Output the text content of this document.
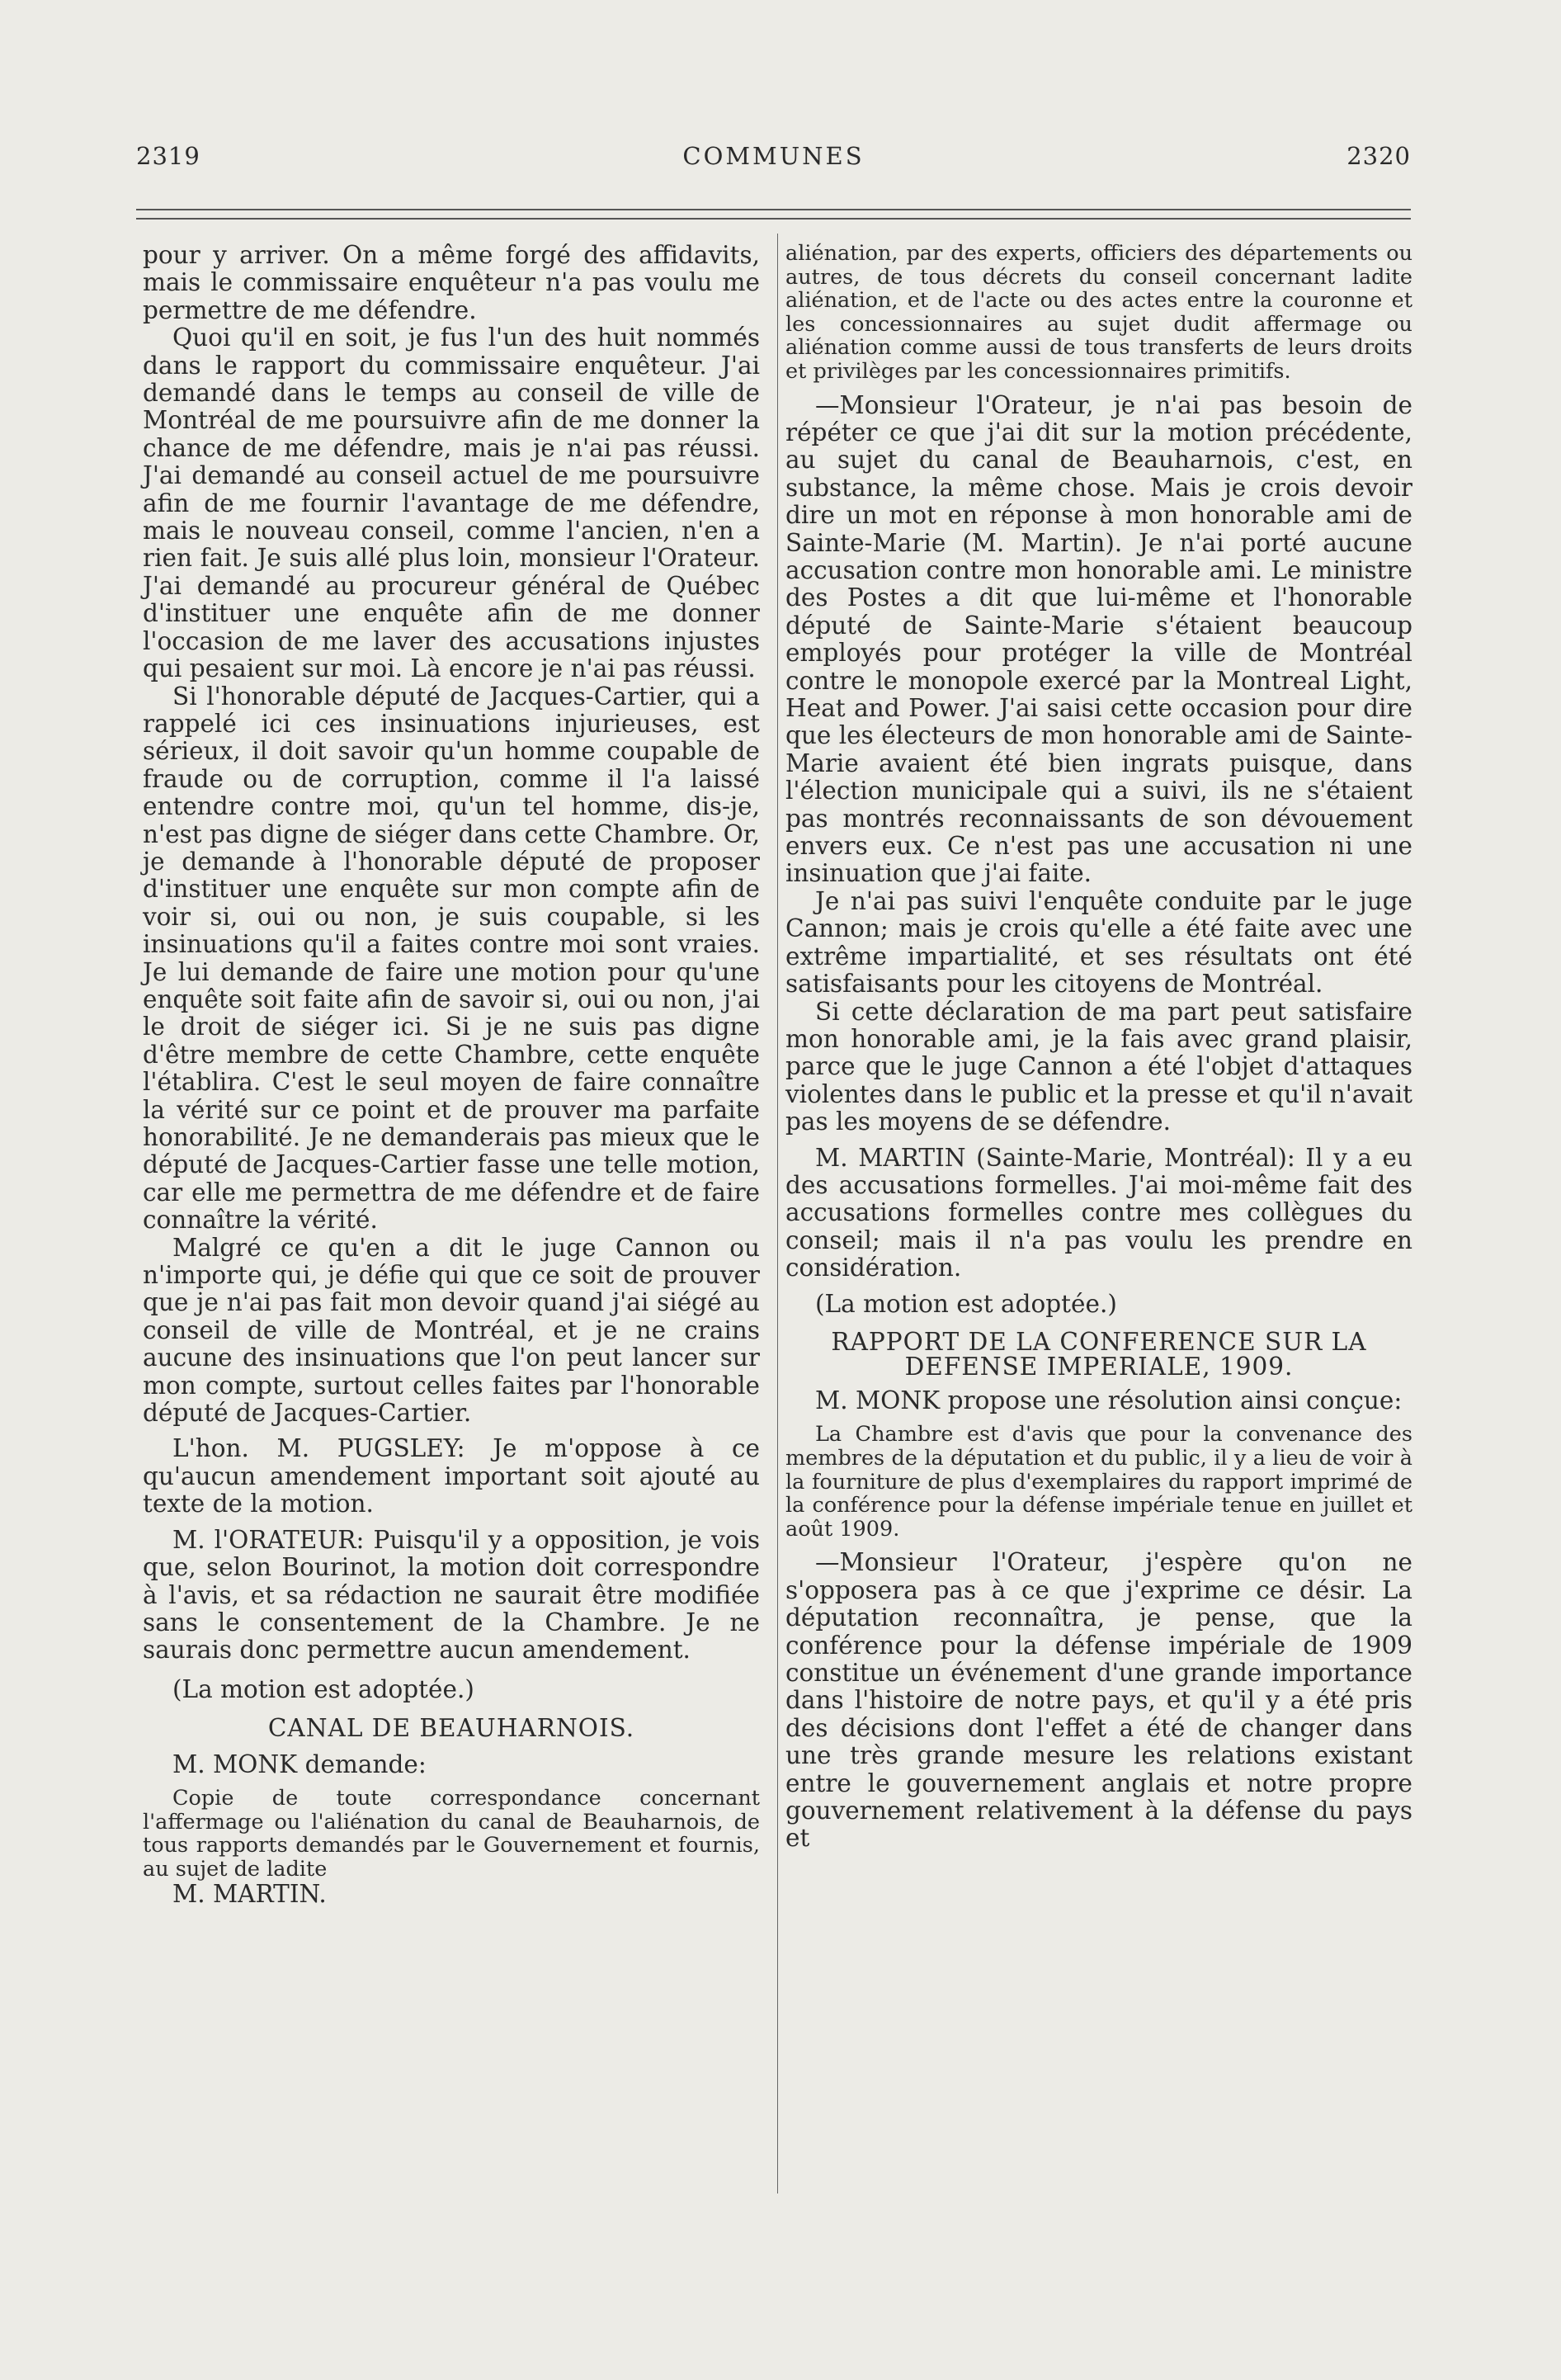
2319	COMMUNES	2320

pour y arriver. On a même forgé des affidavits, mais le commissaire enquêteur n'a pas voulu me permettre de me défendre.

Quoi qu'il en soit, je fus l'un des huit nommés dans le rapport du commissaire enquêteur. J'ai demandé dans le temps au conseil de ville de Montréal de me poursuivre afin de me donner la chance de me défendre, mais je n'ai pas réussi. J'ai demandé au conseil actuel de me poursuivre afin de me fournir l'avantage de me défendre, mais le nouveau conseil, comme l'ancien, n'en a rien fait. Je suis allé plus loin, monsieur l'Orateur. J'ai demandé au procureur général de Québec d'instituer une enquête afin de me donner l'occasion de me laver des accusations injustes qui pesaient sur moi. Là encore je n'ai pas réussi.

Si l'honorable député de Jacques-Cartier, qui a rappelé ici ces insinuations injurieuses, est sérieux, il doit savoir qu'un homme coupable de fraude ou de corruption, comme il l'a laissé entendre contre moi, qu'un tel homme, dis-je, n'est pas digne de siéger dans cette Chambre. Or, je demande à l'honorable député de proposer d'instituer une enquête sur mon compte afin de voir si, oui ou non, je suis coupable, si les insinuations qu'il a faites contre moi sont vraies. Je lui demande de faire une motion pour qu'une enquête soit faite afin de savoir si, oui ou non, j'ai le droit de siéger ici. Si je ne suis pas digne d'être membre de cette Chambre, cette enquête l'établira. C'est le seul moyen de faire connaître la vérité sur ce point et de prouver ma parfaite honorabilité. Je ne demanderais pas mieux que le député de Jacques-Cartier fasse une telle motion, car elle me permettra de me défendre et de faire connaître la vérité.

Malgré ce qu'en a dit le juge Cannon ou n'importe qui, je défie qui que ce soit de prouver que je n'ai pas fait mon devoir quand j'ai siégé au conseil de ville de Montréal, et je ne crains aucune des insinuations que l'on peut lancer sur mon compte, surtout celles faites par l'honorable député de Jacques-Cartier.

L'hon. M. PUGSLEY: Je m'oppose à ce qu'aucun amendement important soit ajouté au texte de la motion.

M. l'ORATEUR: Puisqu'il y a opposition, je vois que, selon Bourinot, la motion doit correspondre à l'avis, et sa rédaction ne saurait être modifiée sans le consentement de la Chambre. Je ne saurais donc permettre aucun amendement.

(La motion est adoptée.)

CANAL DE BEAUHARNOIS.

M. MONK demande:

Copie de toute correspondance concernant l'affermage ou l'aliénation du canal de Beauharnois, de tous rapports demandés par le Gouvernement et fournis, au sujet de ladite

M. MARTIN.

aliénation, par des experts, officiers des départements ou autres, de tous décrets du conseil concernant ladite aliénation, et de l'acte ou des actes entre la couronne et les concessionnaires au sujet dudit affermage ou aliénation comme aussi de tous transferts de leurs droits et privilèges par les concessionnaires primitifs.

—Monsieur l'Orateur, je n'ai pas besoin de répéter ce que j'ai dit sur la motion précédente, au sujet du canal de Beauharnois, c'est, en substance, la même chose. Mais je crois devoir dire un mot en réponse à mon honorable ami de Sainte-Marie (M. Martin). Je n'ai porté aucune accusation contre mon honorable ami. Le ministre des Postes a dit que lui-même et l'honorable député de Sainte-Marie s'étaient beaucoup employés pour protéger la ville de Montréal contre le monopole exercé par la Montreal Light, Heat and Power. J'ai saisi cette occasion pour dire que les électeurs de mon honorable ami de Sainte-Marie avaient été bien ingrats puisque, dans l'élection municipale qui a suivi, ils ne s'étaient pas montrés reconnaissants de son dévouement envers eux. Ce n'est pas une accusation ni une insinuation que j'ai faite.

Je n'ai pas suivi l'enquête conduite par le juge Cannon; mais je crois qu'elle a été faite avec une extrême impartialité, et ses résultats ont été satisfaisants pour les citoyens de Montréal.

Si cette déclaration de ma part peut satisfaire mon honorable ami, je la fais avec grand plaisir, parce que le juge Cannon a été l'objet d'attaques violentes dans le public et la presse et qu'il n'avait pas les moyens de se défendre.

M. MARTIN (Sainte-Marie, Montréal): Il y a eu des accusations formelles. J'ai moi-même fait des accusations formelles contre mes collègues du conseil; mais il n'a pas voulu les prendre en considération.

(La motion est adoptée.)

RAPPORT DE LA CONFERENCE SUR LA DEFENSE IMPERIALE, 1909.

M. MONK propose une résolution ainsi conçue:

La Chambre est d'avis que pour la convenance des membres de la députation et du public, il y a lieu de voir à la fourniture de plus d'exemplaires du rapport imprimé de la conférence pour la défense impériale tenue en juillet et août 1909.

—Monsieur l'Orateur, j'espère qu'on ne s'opposera pas à ce que j'exprime ce désir. La députation reconnaîtra, je pense, que la conférence pour la défense impériale de 1909 constitue un événement d'une grande importance dans l'histoire de notre pays, et qu'il y a été pris des décisions dont l'effet a été de changer dans une très grande mesure les relations existant entre le gouvernement anglais et notre propre gouvernement relativement à la défense du pays et
